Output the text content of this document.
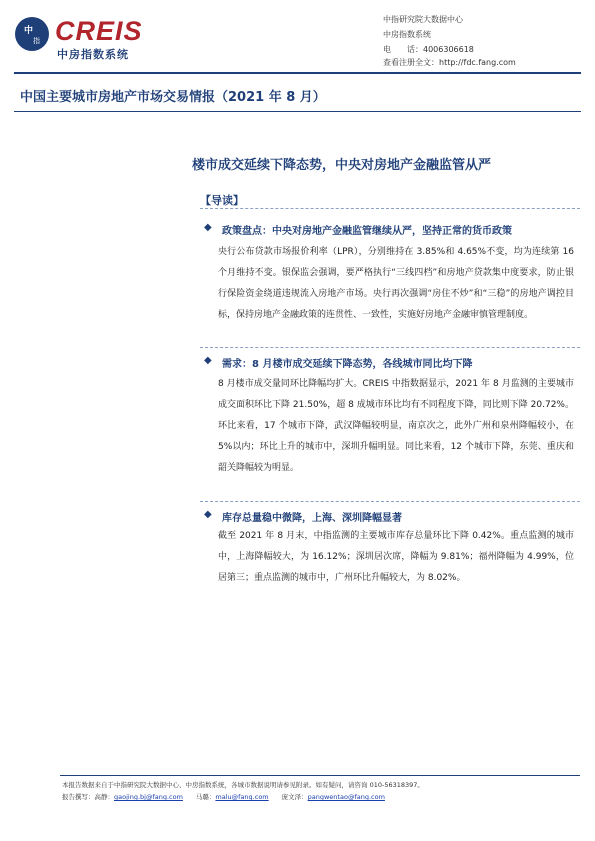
中
指 CREIS
中房指数系统
中指研究院大数据中心
中房指数系统
电　　话：4006306618
查看注册全文：http://fdc.fang.com
中国主要城市房地产市场交易情报（2021 年 8 月）
楼市成交延续下降态势，中央对房地产金融监管从严
【导读】
◆ 政策盘点：中央对房地产金融监管继续从严，坚持正常的货币政策
央行公布贷款市场报价利率（LPR），分别维持在 3.85%和 4.65%不变，均为连续第 16 个月维持不变。银保监会强调，要严格执行“三线四档”和房地产贷款集中度要求，防止银行保险资金绕道违规流入房地产市场。央行再次强调“房住不炒”和“三稳”的房地产调控目标，保持房地产金融政策的连贯性、一致性，实施好房地产金融审慎管理制度。
◆ 需求：8 月楼市成交延续下降态势，各线城市同比均下降
8 月楼市成交量同环比降幅均扩大。CREIS 中指数据显示，2021 年 8 月监测的主要城市成交面积环比下降 21.50%，超 8 成城市环比均有不同程度下降，同比则下降 20.72%。环比来看，17 个城市下降，武汉降幅较明显，南京次之，此外广州和泉州降幅较小，在 5%以内；环比上升的城市中，深圳升幅明显。同比来看，12 个城市下降，东莞、重庆和韶关降幅较为明显。
◆ 库存总量稳中微降，上海、深圳降幅显著
截至 2021 年 8 月末，中指监测的主要城市库存总量环比下降 0.42%。重点监测的城市中，上海降幅较大，为 16.12%；深圳居次席，降幅为 9.81%；福州降幅为 4.99%，位居第三；重点监测的城市中，广州环比升幅较大，为 8.02%。
本报告数据来自于中指研究院大数据中心、中房指数系统，各城市数据说明请参见附录。如有疑问，请咨询 010-56318397。
报告撰写：高静：gaojing.bj@fang.com　　马璐：malu@fang.com　　庞文泽：pangwentao@fang.com
